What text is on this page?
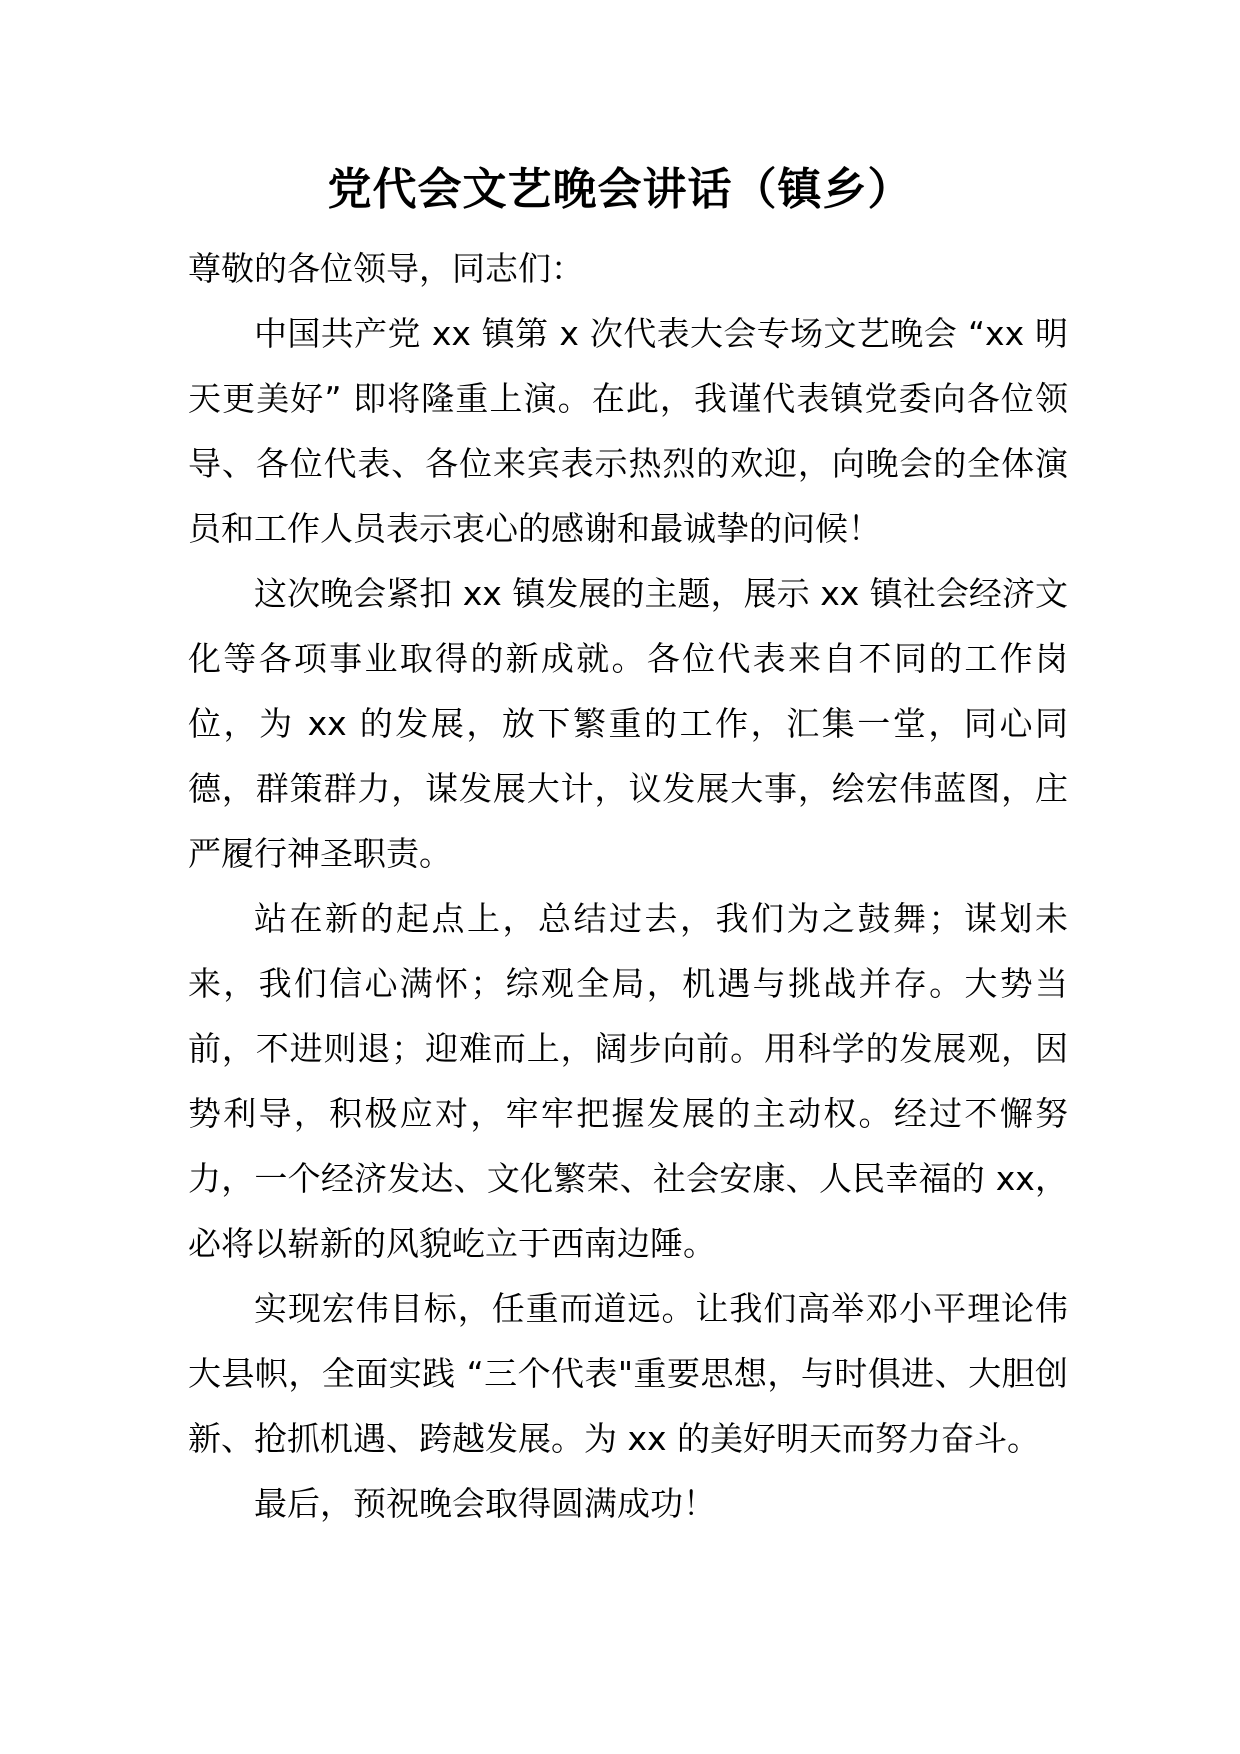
党代会文艺晚会讲话（镇乡）

尊敬的各位领导，同志们：

中国共产党 xx 镇第 x 次代表大会专场文艺晚会 “xx 明天更美好” 即将隆重上演。在此，我谨代表镇党委向各位领导、各位代表、各位来宾表示热烈的欢迎，向晚会的全体演员和工作人员表示衷心的感谢和最诚挚的问候！

这次晚会紧扣 xx 镇发展的主题，展示 xx 镇社会经济文化等各项事业取得的新成就。各位代表来自不同的工作岗位，为 xx 的发展，放下繁重的工作，汇集一堂，同心同德，群策群力，谋发展大计，议发展大事，绘宏伟蓝图，庄严履行神圣职责。

站在新的起点上，总结过去，我们为之鼓舞；谋划未来，我们信心满怀；综观全局，机遇与挑战并存。大势当前，不进则退；迎难而上，阔步向前。用科学的发展观，因势利导，积极应对，牢牢把握发展的主动权。经过不懈努力，一个经济发达、文化繁荣、社会安康、人民幸福的 xx，必将以崭新的风貌屹立于西南边陲。

实现宏伟目标，任重而道远。让我们高举邓小平理论伟大县帜，全面实践 “三个代表"重要思想，与时俱进、大胆创新、抢抓机遇、跨越发展。为 xx 的美好明天而努力奋斗。

最后，预祝晚会取得圆满成功！
